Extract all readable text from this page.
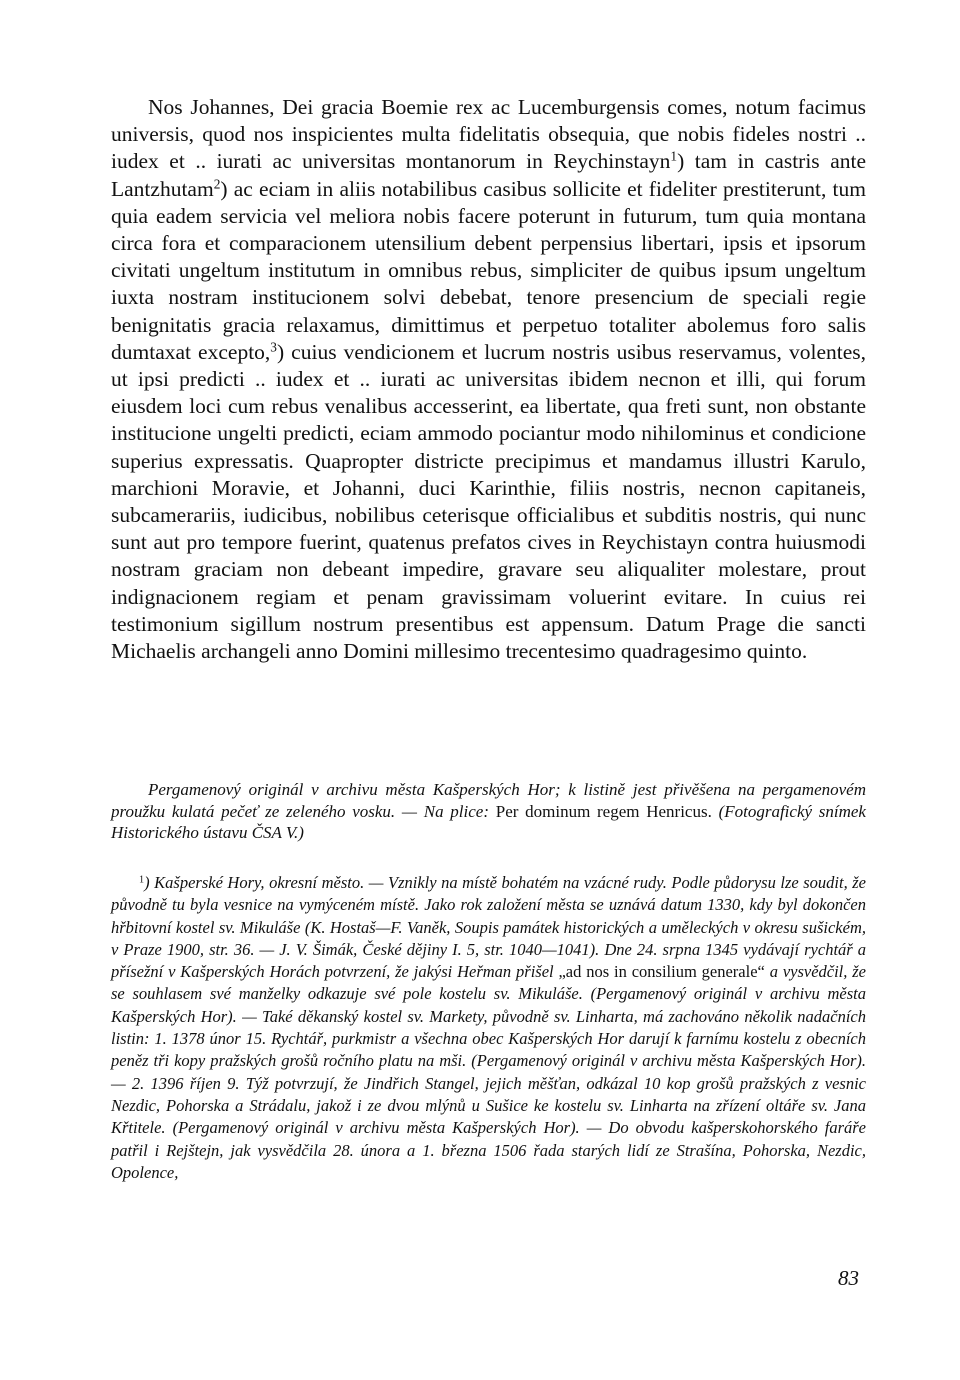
Nos Johannes, Dei gracia Boemie rex ac Lucemburgensis comes, notum facimus universis, quod nos inspicientes multa fidelitatis obsequia, que nobis fideles nostri .. iudex et .. iurati ac universitas montanorum in Reychinstayn$^1$) tam in castris ante Lantzhutam$^2$) ac eciam in aliis notabilibus casibus sollicite et fideliter prestiterunt, tum quia eadem servicia vel meliora nobis facere poterunt in futurum, tum quia montana circa fora et comparacionem utensilium debent perpensius libertari, ipsis et ipsorum civitati ungeltum institutum in omnibus rebus, simpliciter de quibus ipsum ungeltum iuxta nostram institucionem solvi debebat, tenore presencium de speciali regie benignitatis gracia relaxamus, dimittimus et perpetuo totaliter abolemus foro salis dumtaxat excepto,$^3$) cuius vendicionem et lucrum nostris usibus reservamus, volentes, ut ipsi predicti .. iudex et .. iurati ac universitas ibidem necnon et illi, qui forum eiusdem loci cum rebus venalibus accesserint, ea libertate, qua freti sunt, non obstante institucione ungelti predicti, eciam ammodo pociantur modo nihilominus et condicione superius expressatis. Quapropter districte precipimus et mandamus illustri Karulo, marchioni Moravie, et Johanni, duci Karinthie, filiis nostris, necnon capitaneis, subcamerariis, iudicibus, nobilibus ceterisque officialibus et subditis nostris, qui nunc sunt aut pro tempore fuerint, quatenus prefatos cives in Reychistayn contra huiusmodi nostram graciam non debeant impedire, gravare seu aliqualiter molestare, prout indignacionem regiam et penam gravissimam voluerint evitare. In cuius rei testimonium sigillum nostrum presentibus est appensum. Datum Prage die sancti Michaelis archangeli anno Domini millesimo trecentesimo quadragesimo quinto.

Pergamenový originál v archivu města Kašperských Hor; k listině jest přivěšena na pergamenovém proužku kulatá pečeť ze zeleného vosku. — Na plice: Per dominum regem Henricus. (Fotografický snímek Historického ústavu ČSA V.)

$^1$) Kašperské Hory, okresní město. — Vznikly na místě bohatém na vzácné rudy. Podle půdorysu lze soudit, že původně tu byla vesnice na vymýceném místě. Jako rok založení města se uznává datum 1330, kdy byl dokončen hřbitovní kostel sv. Mikuláše (K. Hostaš—F. Vaněk, Soupis památek historických a uměleckých v okresu sušickém, v Praze 1900, str. 36. — J. V. Šimák, České dějiny I. 5, str. 1040—1041). Dne 24. srpna 1345 vydávají rychtář a přísežní v Kašperských Horách potvrzení, že jakýsi Heřman přišel „ad nos in consilium generale“ a vysvědčil, že se souhlasem své manželky odkazuje své pole kostelu sv. Mikuláše. (Pergamenový originál v archivu města Kašperských Hor). — Také děkanský kostel sv. Markety, původně sv. Linharta, má zachováno několik nadačních listin: 1. 1378 únor 15. Rychtář, purkmistr a všechna obec Kašperských Hor darují k farnímu kostelu z obecních peněz tři kopy pražských grošů ročního platu na mši. (Pergamenový originál v archivu města Kašperských Hor). — 2. 1396 říjen 9. Týž potvrzují, že Jindřich Stangel, jejich měšťan, odkázal 10 kop grošů pražských z vesnic Nezdic, Pohorska a Strádalu, jakož i ze dvou mlýnů u Sušice ke kostelu sv. Linharta na zřízení oltáře sv. Jana Křtitele. (Pergamenový originál v archivu města Kašperských Hor). — Do obvodu kašperskohorského faráře patřil i Rejštejn, jak vysvědčila 28. února a 1. března 1506 řada starých lidí ze Strašína, Pohorska, Nezdic, Opolence,

83
